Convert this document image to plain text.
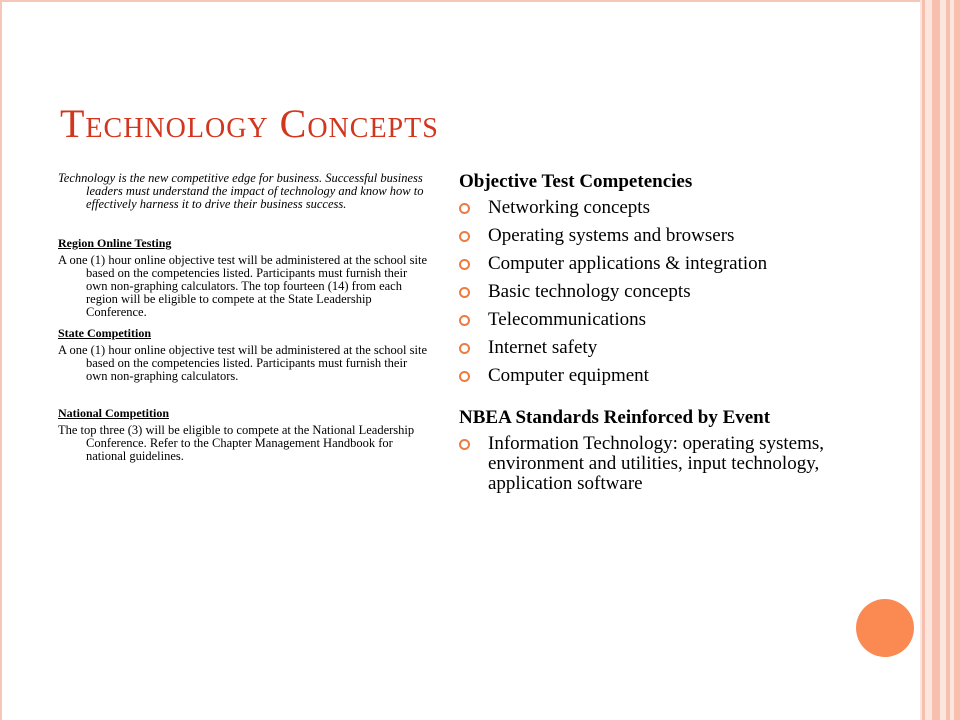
Technology Concepts

Technology is the new competitive edge for business. Successful business leaders must understand the impact of technology and know how to effectively harness it to drive their business success.

Region Online Testing

A one (1) hour online objective test will be administered at the school site based on the competencies listed. Participants must furnish their own non-graphing calculators. The top fourteen (14) from each region will be eligible to compete at the State Leadership Conference.

State Competition

A one (1) hour online objective test will be administered at the school site based on the competencies listed. Participants must furnish their own non-graphing calculators.

National Competition

The top three (3) will be eligible to compete at the National Leadership Conference. Refer to the Chapter Management Handbook for national guidelines.

Objective Test Competencies

Networking concepts
Operating systems and browsers
Computer applications & integration
Basic technology concepts
Telecommunications
Internet safety
Computer equipment

NBEA Standards Reinforced by Event

Information Technology: operating systems, environment and utilities, input technology, application software
